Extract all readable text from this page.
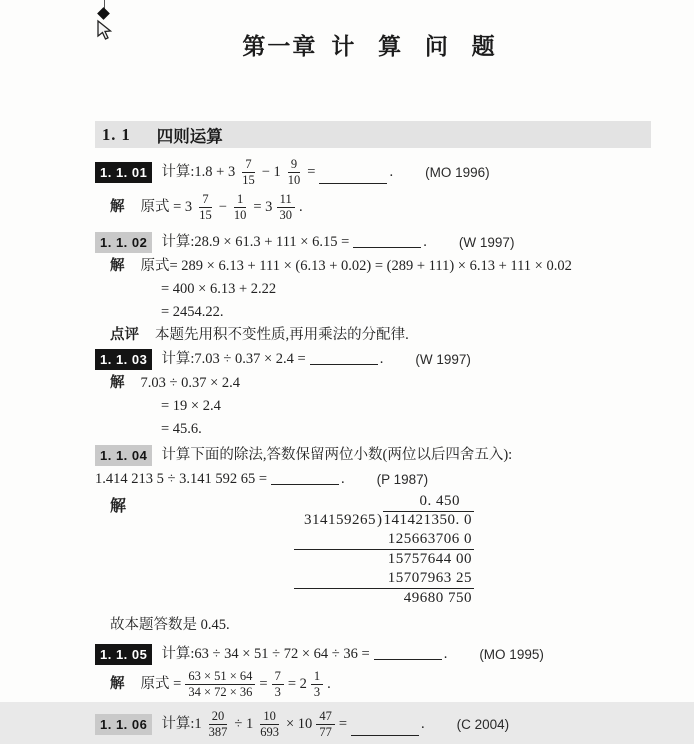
第一章 计 算 问 题
1. 1 四则运算
1. 1. 01 计算:1.8 + $3 \frac{7}{15} - 1 \frac{9}{10}$ =	. (MO 1996)
解 原式 = $3 \frac{7}{15} - \frac{1}{10} = 3 \frac{11}{30}$ .
1. 1. 02 计算:28.9 × 61.3 + 111 × 6.15 =	. (W 1997)
解 原式= 289 × 6.13 + 111 × (6.13 + 0.02) = (289 + 111) × 6.13 + 111 × 0.02
= 400 × 6.13 + 2.22
= 2454.22.
点评 本题先用积不变性质,再用乘法的分配律.
1. 1. 03 计算:7.03 ÷ 0.37 × 2.4 =	. (W 1997)
解 7.03 ÷ 0.37 × 2.4
= 19 × 2.4
= 45.6.
1. 1. 04 计算下面的除法,答数保留两位小数(两位以后四舍五入):
1.414 213 5 ÷ 3.141 592 65 =	. (P 1987)
解	0. 450
314159265)141421350. 0
125663706 0
15757644 00
15707963 25
49680 750
故本题答数是 0.45.
1. 1. 05 计算:63 ÷ 34 × 51 ÷ 72 × 64 ÷ 36 =	. (MO 1995)
解 原式 = $\frac{63 \times 51 \times 64}{34 \times 72 \times 36} = \frac{7}{3} = 2 \frac{1}{3}$ .
1. 1. 06 计算:1 $\frac{20}{387} \div 1 \frac{10}{693} \times 10 \frac{47}{77}$ =	. (C 2004)
